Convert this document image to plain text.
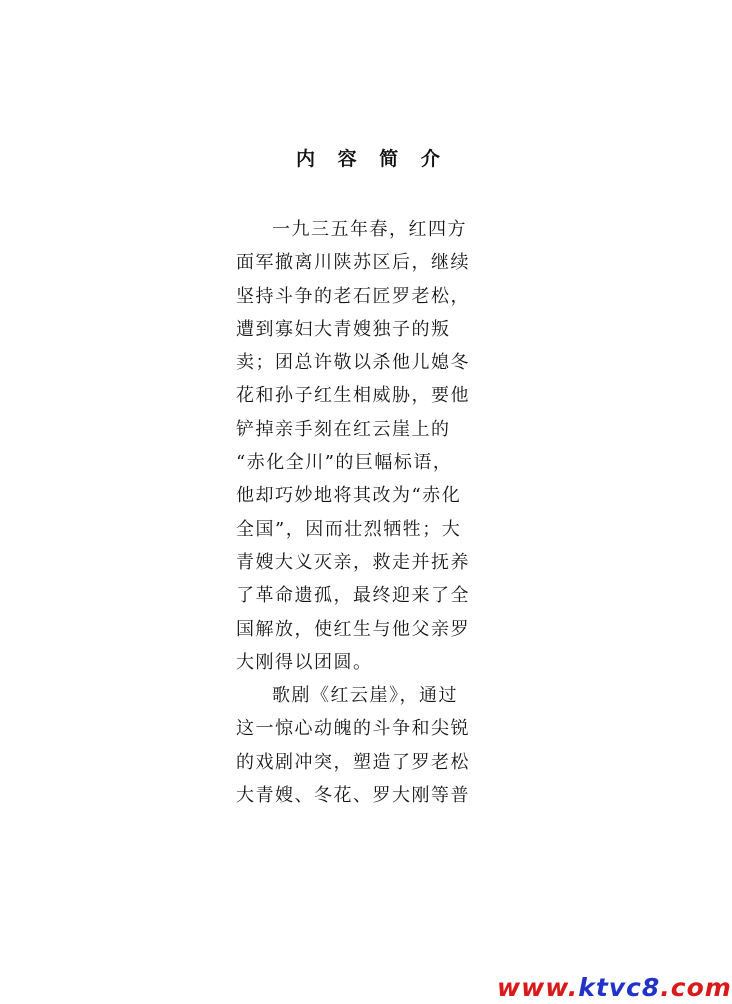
内 容 简 介
一九三五年春，红四方
面军撤离川陕苏区后，继续
坚持斗争的老石匠罗老松，
遭到寡妇大青嫂独子的叛
卖；团总许敬以杀他儿媳冬
花和孙子红生相威胁，要他
铲掉亲手刻在红云崖上的
“赤化全川”的巨幅标语，
他却巧妙地将其改为“赤化
全国”，因而壮烈牺牲；大
青嫂大义灭亲，救走并抚养
了革命遗孤，最终迎来了全
国解放，使红生与他父亲罗
大刚得以团圆。
歌剧《红云崖》，通过
这一惊心动魄的斗争和尖锐
的戏剧冲突，塑造了罗老松
大青嫂、冬花、罗大刚等普
www.ktvc8.com
